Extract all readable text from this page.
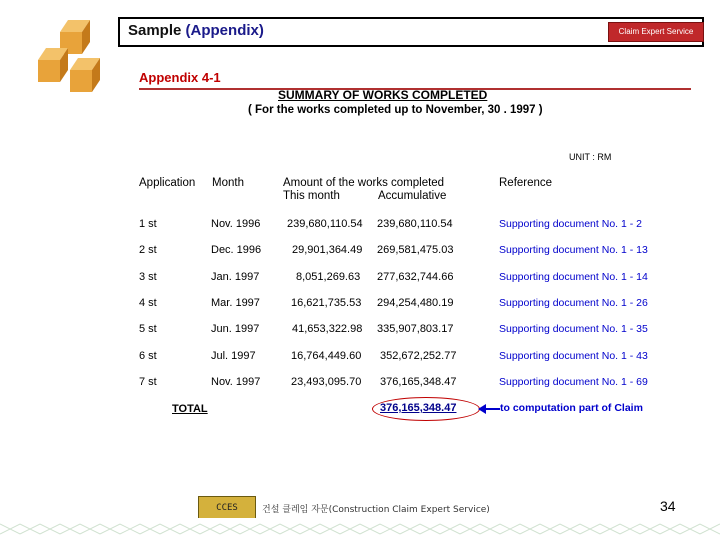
Sample (Appendix)	Claim Expert Service
Appendix 4-1
SUMMARY OF WORKS COMPLETED
( For the works completed up to November, 30 . 1997 )
UNIT : RM
Application Month	Amount of the works completed
This month	Accumulative
Reference
1 st	Nov. 1996 239,680,110.54 239,680,110.54	Supporting document No. 1 - 2
2 st	Dec. 1996	29,901,364.49 269,581,475.03	Supporting document No. 1 - 13
3 st	Jan. 1997	8,051,269.63 277,632,744.66	Supporting document No. 1 - 14
4 st	Mar. 1997	16,621,735.53 294,254,480.19	Supporting document No. 1 - 26
5 st	Jun. 1997	41,653,322.98 335,907,803.17	Supporting document No. 1 - 35
6 st	Jul. 1997	16,764,449.60 352,672,252.77	Supporting document No. 1 - 43
7 st	Nov. 1997	23,493,095.70 376,165,348.47	Supporting document No. 1 - 69
TOTAL	376,165,348.47	to computation part of Claim
CCES	건설 클레임 자문(Construction Claim Expert Service)	34
